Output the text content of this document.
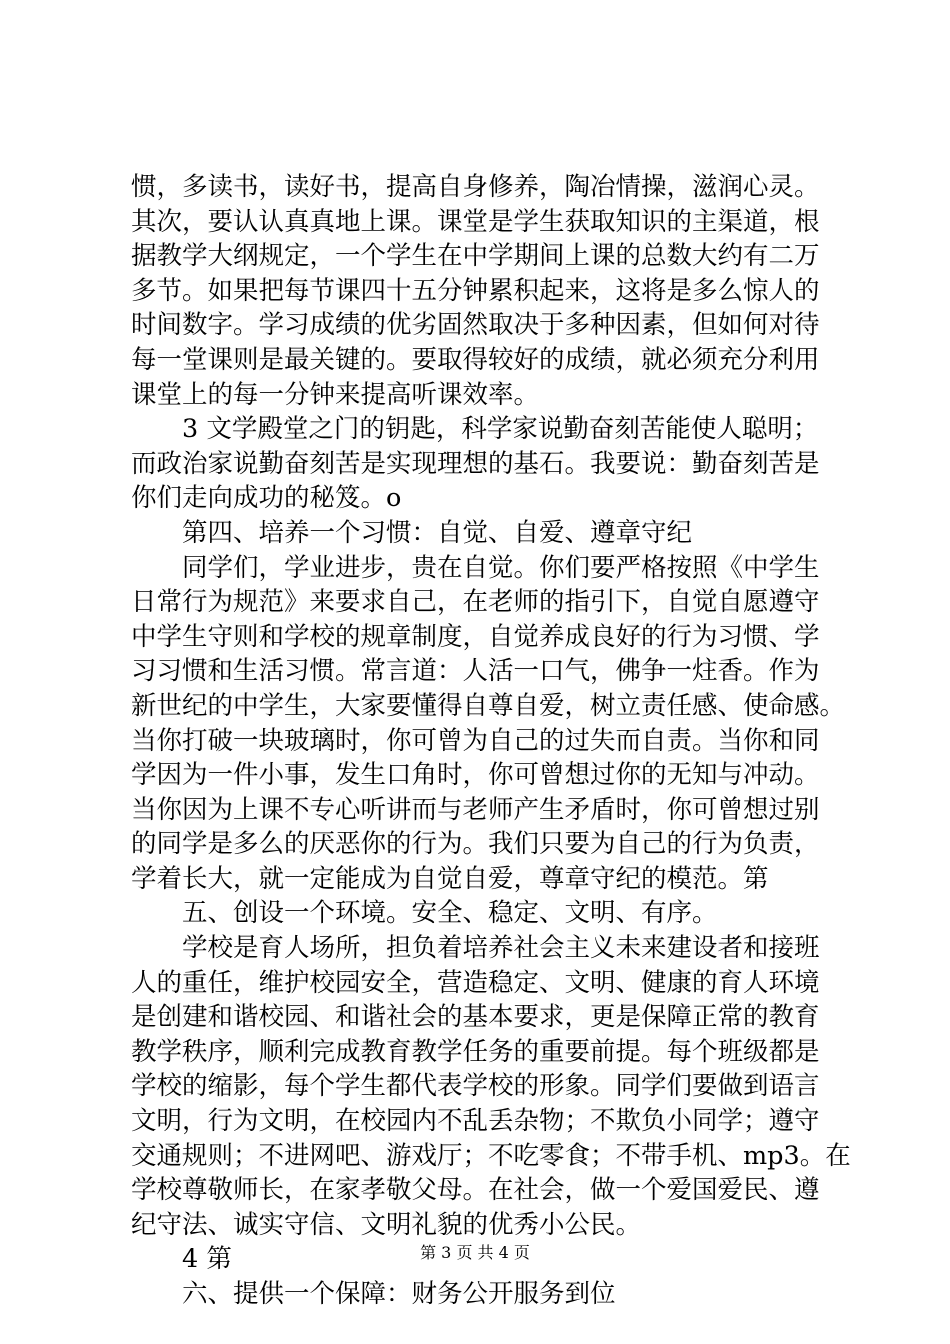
惯，多读书，读好书，提高自身修养，陶冶情操，滋润心灵。
其次，要认认真真地上课。课堂是学生获取知识的主渠道，根
据教学大纲规定，一个学生在中学期间上课的总数大约有二万
多节。如果把每节课四十五分钟累积起来，这将是多么惊人的
时间数字。学习成绩的优劣固然取决于多种因素，但如何对待
每一堂课则是最关键的。要取得较好的成绩，就必须充分利用
课堂上的每一分钟来提高听课效率。
3 文学殿堂之门的钥匙，科学家说勤奋刻苦能使人聪明；
而政治家说勤奋刻苦是实现理想的基石。我要说：勤奋刻苦是
你们走向成功的秘笈。o
第四、培养一个习惯：自觉、自爱、遵章守纪
同学们，学业进步，贵在自觉。你们要严格按照《中学生
日常行为规范》来要求自己，在老师的指引下，自觉自愿遵守
中学生守则和学校的规章制度，自觉养成良好的行为习惯、学
习习惯和生活习惯。常言道：人活一口气，佛争一炷香。作为
新世纪的中学生，大家要懂得自尊自爱，树立责任感、使命感。
当你打破一块玻璃时，你可曾为自己的过失而自责。当你和同
学因为一件小事，发生口角时，你可曾想过你的无知与冲动。
当你因为上课不专心听讲而与老师产生矛盾时，你可曾想过别
的同学是多么的厌恶你的行为。我们只要为自己的行为负责，
学着长大，就一定能成为自觉自爱，尊章守纪的模范。第
五、创设一个环境。安全、稳定、文明、有序。
学校是育人场所，担负着培养社会主义未来建设者和接班
人的重任，维护校园安全，营造稳定、文明、健康的育人环境
是创建和谐校园、和谐社会的基本要求，更是保障正常的教育
教学秩序，顺利完成教育教学任务的重要前提。每个班级都是
学校的缩影，每个学生都代表学校的形象。同学们要做到语言
文明，行为文明，在校园内不乱丢杂物；不欺负小同学；遵守
交通规则；不进网吧、游戏厅；不吃零食；不带手机、mp3。在
学校尊敬师长，在家孝敬父母。在社会，做一个爱国爱民、遵
纪守法、诚实守信、文明礼貌的优秀小公民。
4 第
六、提供一个保障：财务公开服务到位
第 3 页 共 4 页
